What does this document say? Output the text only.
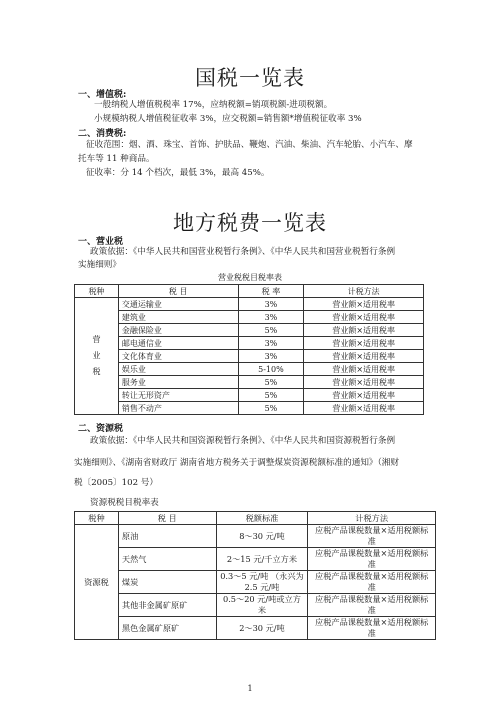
国税一览表
一、增值税:
一般纳税人增值税税率 17%，应纳税额=销项税额-进项税额。
小规模纳税人增值税征收率 3%，应交税额=销售额*增值税征收率 3%
二、消费税:
征收范围：烟、酒、珠宝、首饰、护肤品、鞭炮、汽油、柴油、汽车轮胎、小汽车、摩
托车等 11 种商品。
征收率：分 14 个档次，最低 3%，最高 45%。
地方税费一览表
一、营业税
政策依据：《中华人民共和国营业税暂行条例》、《中华人民共和国营业税暂行条例
实施细则》
营业税税目税率表
税种	税 目	税 率	计税方法
营
业
税	交通运输业	3%	营业额×适用税率
	建筑业	3%	营业额×适用税率
	金融保险业	5%	营业额×适用税率
	邮电通信业	3%	营业额×适用税率
	文化体育业	3%	营业额×适用税率
	娱乐业	5-10%	营业额×适用税率
	服务业	5%	营业额×适用税率
	转让无形资产	5%	营业额×适用税率
	销售不动产	5%	营业额×适用税率
二、资源税
政策依据：《中华人民共和国资源税暂行条例》、《中华人民共和国资源税暂行条例
实施细则》、《湖南省财政厅 湖南省地方税务关于调整煤炭资源税额标准的通知》（湘财
税〔2005〕102 号）
资源税税目税率表
税种	税 目	税额标准	计税方法
资源税	原油	8～30 元/吨	应税产品课税数量×适用税额标准
	天然气	2～15 元/千立方米	应税产品课税数量×适用税额标准
	煤炭	0.3～5 元/吨 （永兴为 2.5 元/吨	应税产品课税数量×适用税额标准
	其他非金属矿原矿	0.5～20 元/吨或立方米	应税产品课税数量×适用税额标准
	黑色金属矿原矿	2～30 元/吨	应税产品课税数量×适用税额标准
1
